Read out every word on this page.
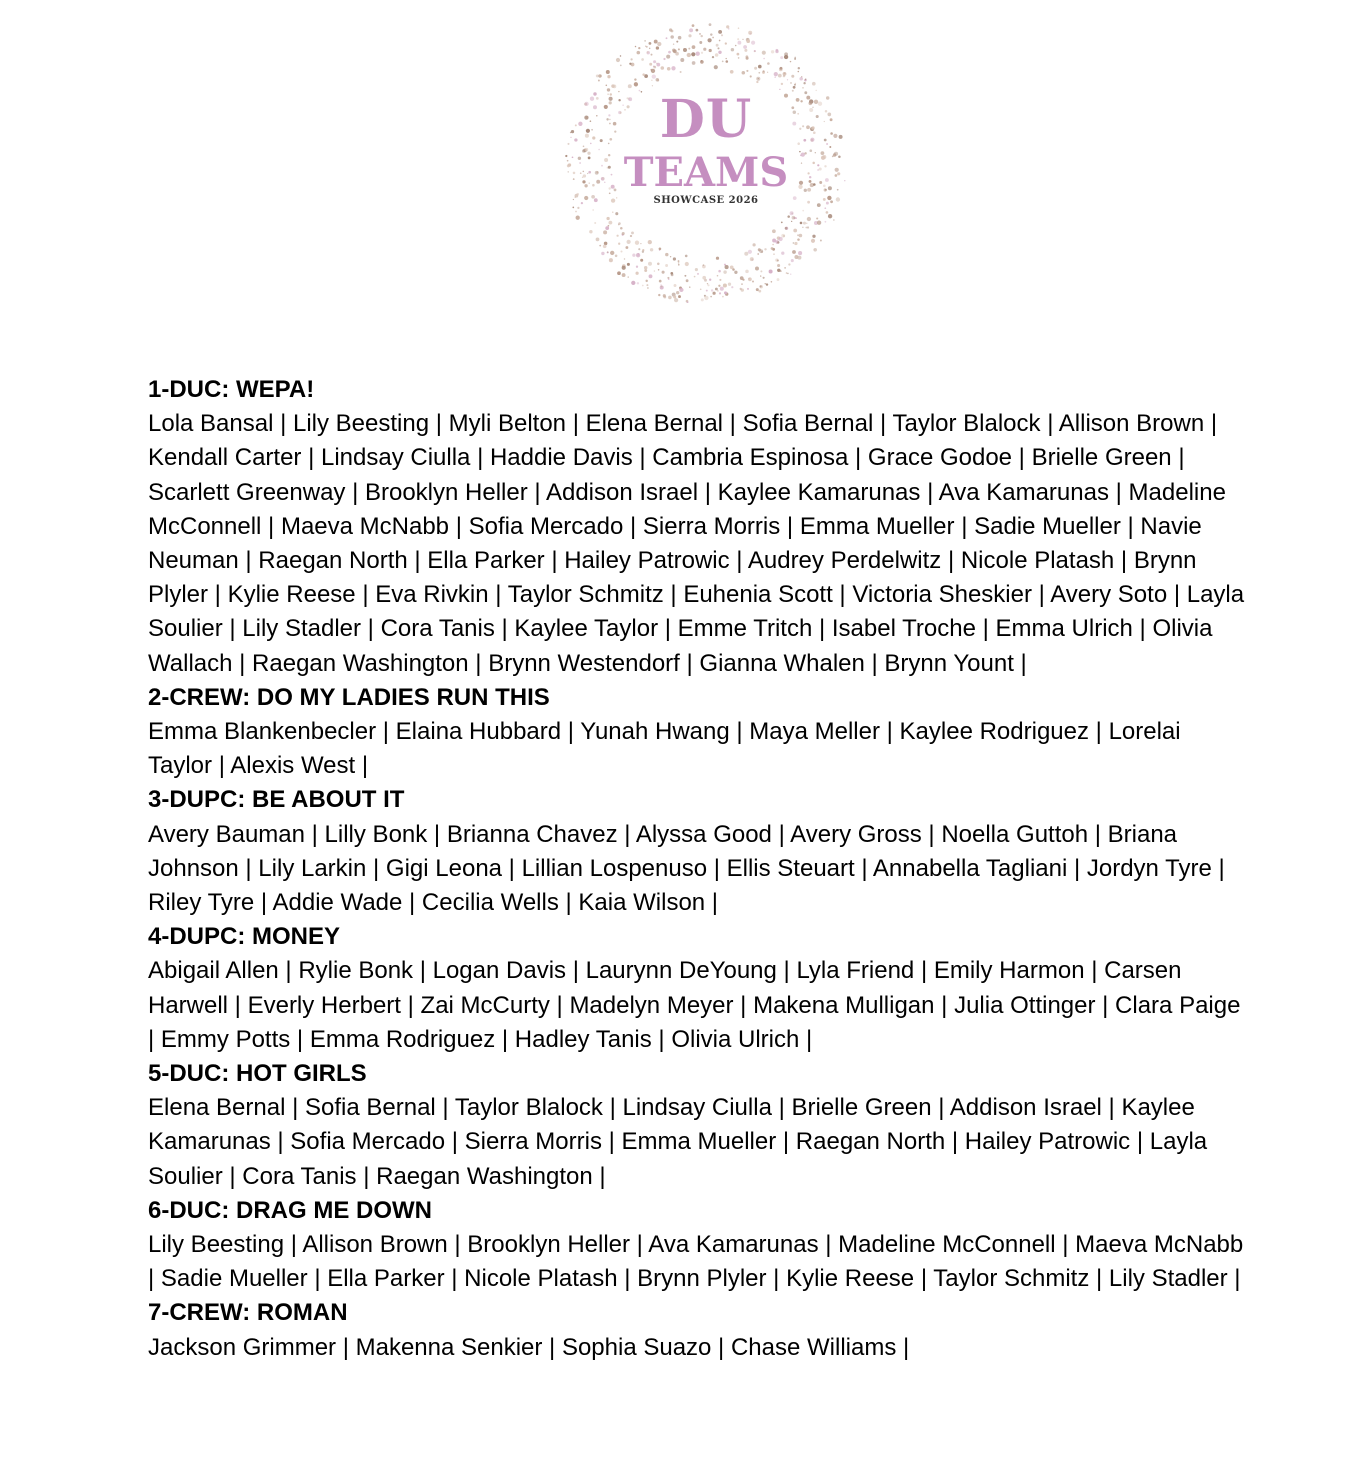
DU
TEAMS
SHOWCASE 2026

1-DUC: WEPA!

Lola Bansal | Lily Beesting | Myli Belton | Elena Bernal | Sofia Bernal | Taylor Blalock | Allison Brown | Kendall Carter | Lindsay Ciulla | Haddie Davis | Cambria Espinosa | Grace Godoe | Brielle Green | Scarlett Greenway | Brooklyn Heller | Addison Israel | Kaylee Kamarunas | Ava Kamarunas | Madeline McConnell | Maeva McNabb | Sofia Mercado | Sierra Morris | Emma Mueller | Sadie Mueller | Navie Neuman | Raegan North | Ella Parker | Hailey Patrowic | Audrey Perdelwitz | Nicole Platash | Brynn Plyler | Kylie Reese | Eva Rivkin | Taylor Schmitz | Euhenia Scott | Victoria Sheskier | Avery Soto | Layla Soulier | Lily Stadler | Cora Tanis | Kaylee Taylor | Emme Tritch | Isabel Troche | Emma Ulrich | Olivia Wallach | Raegan Washington | Brynn Westendorf | Gianna Whalen | Brynn Yount |

2-CREW: DO MY LADIES RUN THIS

Emma Blankenbecler | Elaina Hubbard | Yunah Hwang | Maya Meller | Kaylee Rodriguez | Lorelai Taylor | Alexis West |

3-DUPC: BE ABOUT IT

Avery Bauman | Lilly Bonk | Brianna Chavez | Alyssa Good | Avery Gross | Noella Guttoh | Briana Johnson | Lily Larkin | Gigi Leona | Lillian Lospenuso | Ellis Steuart | Annabella Tagliani | Jordyn Tyre | Riley Tyre | Addie Wade | Cecilia Wells | Kaia Wilson |

4-DUPC: MONEY

Abigail Allen | Rylie Bonk | Logan Davis | Laurynn DeYoung | Lyla Friend | Emily Harmon | Carsen Harwell | Everly Herbert | Zai McCurty | Madelyn Meyer | Makena Mulligan | Julia Ottinger | Clara Paige | Emmy Potts | Emma Rodriguez | Hadley Tanis | Olivia Ulrich |

5-DUC: HOT GIRLS

Elena Bernal | Sofia Bernal | Taylor Blalock | Lindsay Ciulla | Brielle Green | Addison Israel | Kaylee Kamarunas | Sofia Mercado | Sierra Morris | Emma Mueller | Raegan North | Hailey Patrowic | Layla Soulier | Cora Tanis | Raegan Washington |

6-DUC: DRAG ME DOWN

Lily Beesting | Allison Brown | Brooklyn Heller | Ava Kamarunas | Madeline McConnell | Maeva McNabb | Sadie Mueller | Ella Parker | Nicole Platash | Brynn Plyler | Kylie Reese | Taylor Schmitz | Lily Stadler |

7-CREW: ROMAN

Jackson Grimmer | Makenna Senkier | Sophia Suazo | Chase Williams |
